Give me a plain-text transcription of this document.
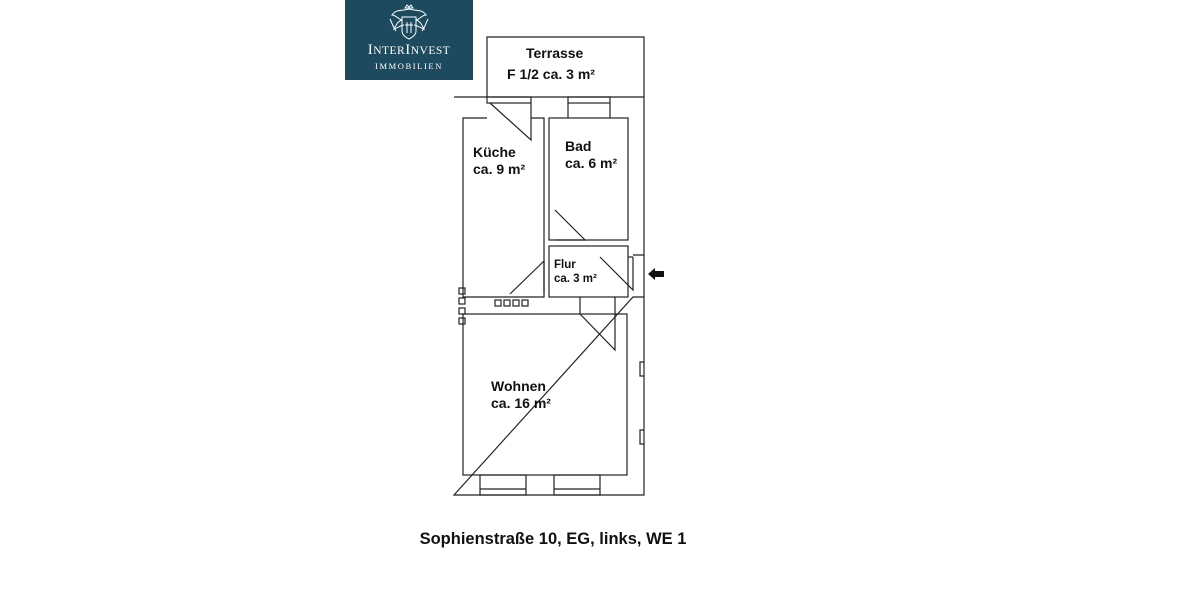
INTERINVEST
IMMOBILIEN
Terrasse
F 1/2 ca. 3 m²
Küche
ca. 9 m²
Bad
ca. 6 m²
Flur
ca. 3 m²
Wohnen
ca. 16 m²
Sophienstraße 10, EG, links, WE 1
